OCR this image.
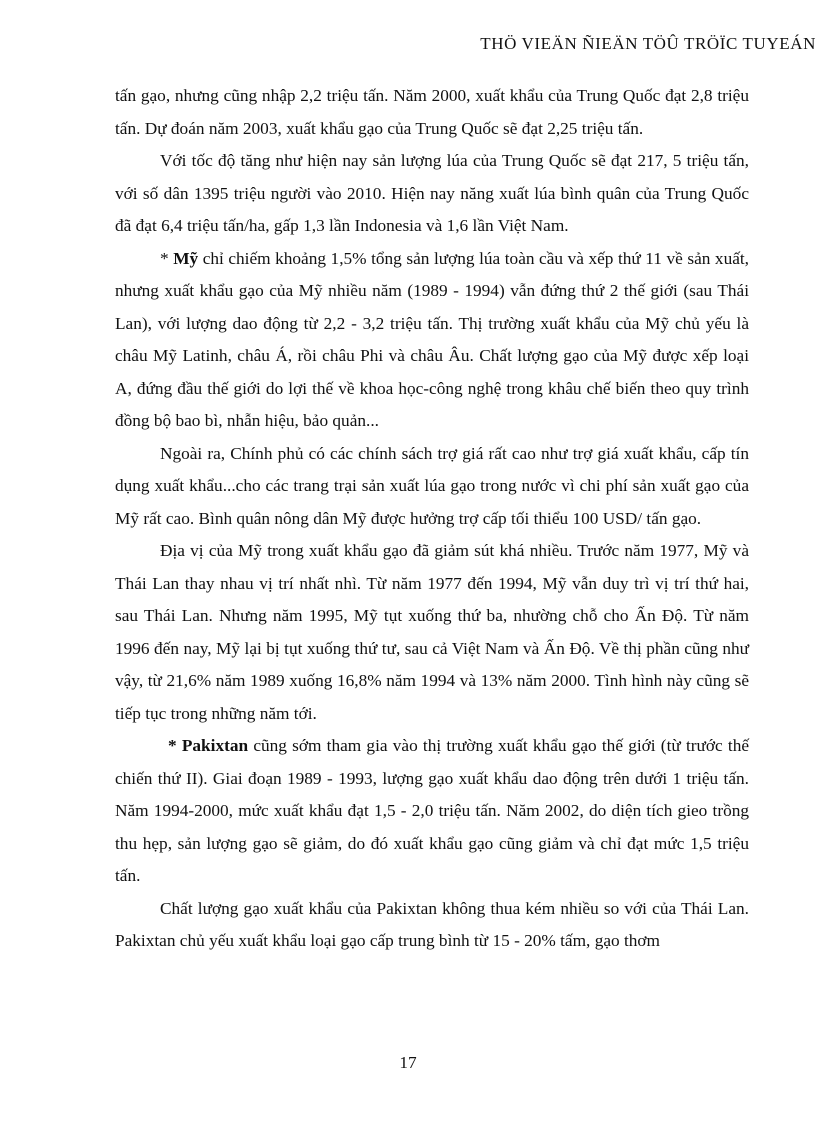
THÖ VIEÄN ÑIEÄN TÖÛ TRÖÏC TUYEÁN

tấn gạo, nhưng cũng nhập 2,2 triệu tấn. Năm 2000, xuất khẩu của Trung Quốc đạt 2,8 triệu tấn. Dự đoán năm 2003, xuất khẩu gạo của Trung Quốc sẽ đạt 2,25 triệu tấn.

Với tốc độ tăng như hiện nay sản lượng lúa của Trung Quốc sẽ đạt 217, 5 triệu tấn, với số dân 1395 triệu người vào 2010. Hiện nay năng xuất lúa bình quân của Trung Quốc đã đạt 6,4 triệu tấn/ha, gấp 1,3 lần Indonesia và 1,6 lần Việt Nam.

* Mỹ chỉ chiếm khoảng 1,5% tổng sản lượng lúa toàn cầu và xếp thứ 11 về sản xuất, nhưng xuất khẩu gạo của Mỹ nhiều năm (1989 - 1994) vẫn đứng thứ 2 thế giới (sau Thái Lan), với lượng dao động từ 2,2 - 3,2 triệu tấn. Thị trường xuất khẩu của Mỹ chủ yếu là châu Mỹ Latinh, châu Á, rồi châu Phi và châu Âu. Chất lượng gạo của Mỹ được xếp loại A, đứng đầu thế giới do lợi thế về khoa học-công nghệ trong khâu chế biến theo quy trình đồng bộ bao bì, nhẫn hiệu, bảo quản...

Ngoài ra, Chính phủ có các chính sách trợ giá rất cao như trợ giá xuất khẩu, cấp tín dụng xuất khẩu...cho các trang trại sản xuất lúa gạo trong nước vì chi phí sản xuất gạo của Mỹ rất cao. Bình quân nông dân Mỹ được hưởng trợ cấp tối thiểu 100 USD/ tấn gạo.

Địa vị của Mỹ trong xuất khẩu gạo đã giảm sút khá nhiều. Trước năm 1977, Mỹ và Thái Lan thay nhau vị trí nhất nhì. Từ năm 1977 đến 1994, Mỹ vẫn duy trì vị trí thứ hai, sau Thái Lan. Nhưng năm 1995, Mỹ tụt xuống thứ ba, nhường chỗ cho Ấn Độ. Từ năm 1996 đến nay, Mỹ lại bị tụt xuống thứ tư, sau cả Việt Nam và Ấn Độ. Về thị phần cũng như vậy, từ 21,6% năm 1989 xuống 16,8% năm 1994 và 13% năm 2000. Tình hình này cũng sẽ tiếp tục trong những năm tới.

* Pakixtan cũng sớm tham gia vào thị trường xuất khẩu gạo thế giới (từ trước thế chiến thứ II). Giai đoạn 1989 - 1993, lượng gạo xuất khẩu dao động trên dưới 1 triệu tấn. Năm 1994-2000, mức xuất khẩu đạt 1,5 - 2,0 triệu tấn. Năm 2002, do diện tích gieo trồng thu hẹp, sản lượng gạo sẽ giảm, do đó xuất khẩu gạo cũng giảm và chỉ đạt mức 1,5 triệu tấn.

Chất lượng gạo xuất khẩu của Pakixtan không thua kém nhiều so với của Thái Lan. Pakixtan chủ yếu xuất khẩu loại gạo cấp trung bình từ 15 - 20% tấm, gạo thơm

17
